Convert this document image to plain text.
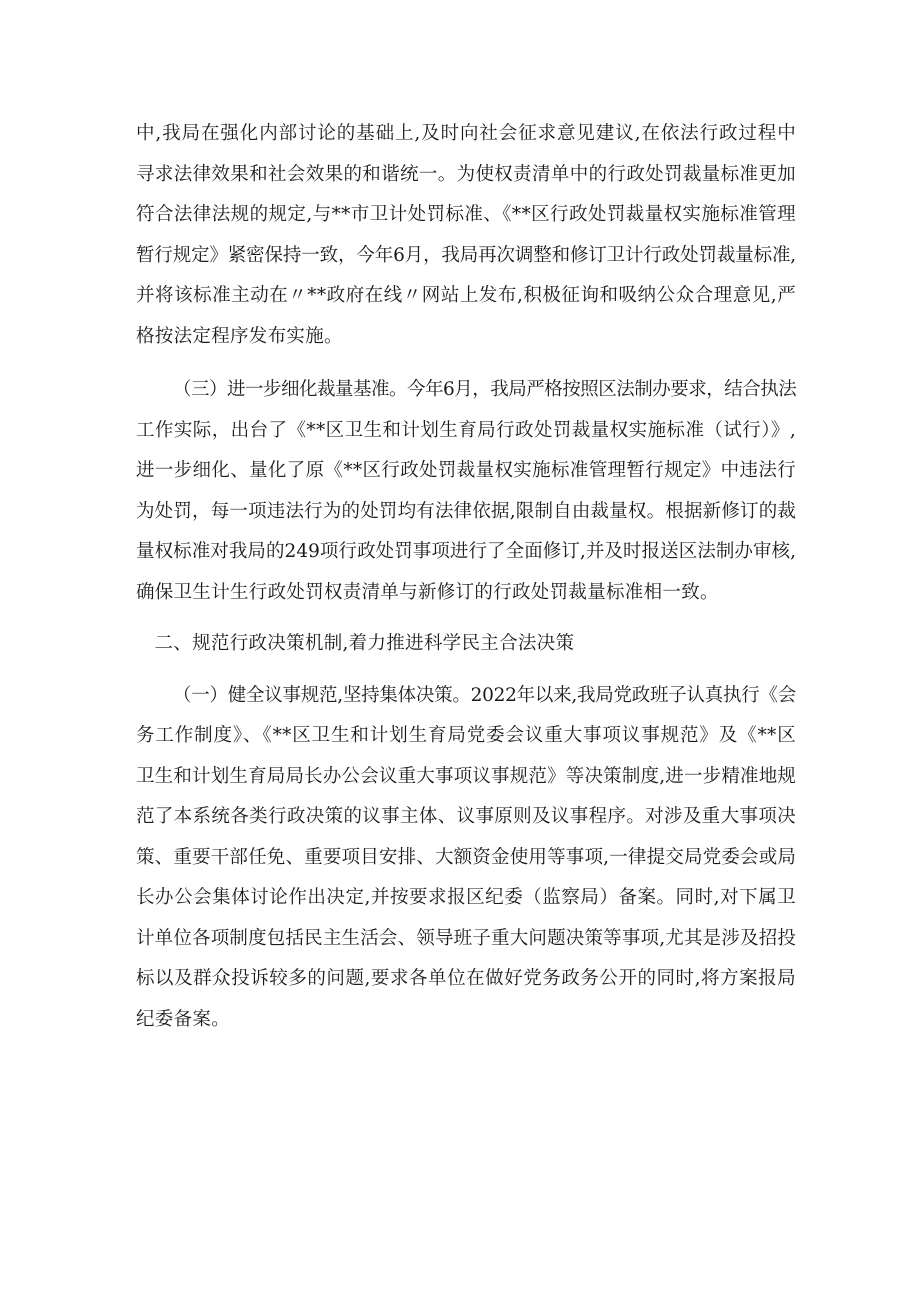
中,我局在强化内部讨论的基础上,及时向社会征求意见建议,在依法行政过程中
寻求法律效果和社会效果的和谐统一。为使权责清单中的行政处罚裁量标准更加
符合法律法规的规定,与**市卫计处罚标准、《**区行政处罚裁量权实施标准管理
暂行规定》紧密保持一致，今年6月，我局再次调整和修订卫计行政处罚裁量标准,
并将该标准主动在〃**政府在线〃网站上发布,积极征询和吸纳公众合理意见,严
格按法定程序发布实施。

（三）进一步细化裁量基准。今年6月，我局严格按照区法制办要求，结合执法
工作实际，出台了《**区卫生和计划生育局行政处罚裁量权实施标准（试行）》,
进一步细化、量化了原《**区行政处罚裁量权实施标准管理暂行规定》中违法行
为处罚，每一项违法行为的处罚均有法律依据,限制自由裁量权。根据新修订的裁
量权标准对我局的249项行政处罚事项进行了全面修订,并及时报送区法制办审核,
确保卫生计生行政处罚权责清单与新修订的行政处罚裁量标准相一致。

二、规范行政决策机制,着力推进科学民主合法决策

（一）健全议事规范,坚持集体决策。2022年以来,我局党政班子认真执行《会
务工作制度》、《**区卫生和计划生育局党委会议重大事项议事规范》及《**区
卫生和计划生育局局长办公会议重大事项议事规范》等决策制度,进一步精准地规
范了本系统各类行政决策的议事主体、议事原则及议事程序。对涉及重大事项决
策、重要干部任免、重要项目安排、大额资金使用等事项,一律提交局党委会或局
长办公会集体讨论作出决定,并按要求报区纪委（监察局）备案。同时,对下属卫
计单位各项制度包括民主生活会、领导班子重大问题决策等事项,尤其是涉及招投
标以及群众投诉较多的问题,要求各单位在做好党务政务公开的同时,将方案报局
纪委备案。
